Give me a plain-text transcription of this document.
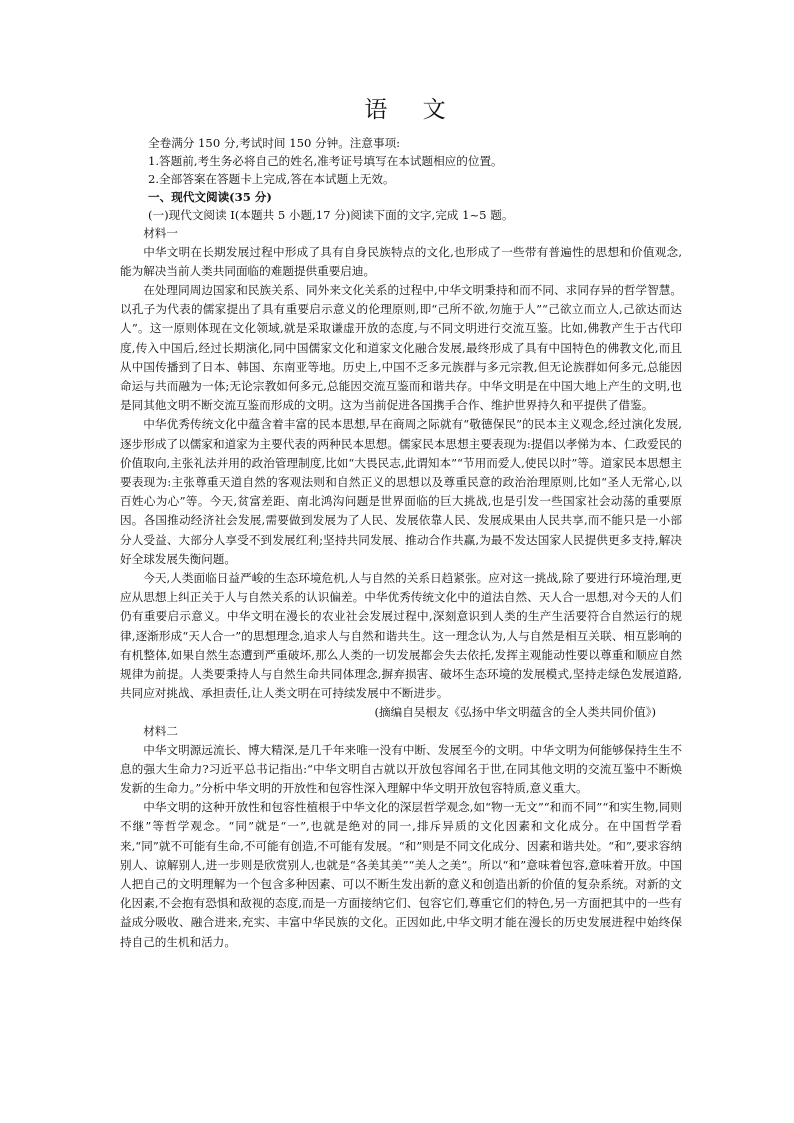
语 文

全卷满分 150 分,考试时间 150 分钟。注意事项:

1.答题前,考生务必将自己的姓名,准考证号填写在本试题相应的位置。

2.全部答案在答题卡上完成,答在本试题上无效。

一、现代文阅读(35 分)

(一)现代文阅读 I(本题共 5 小题,17 分)阅读下面的文字,完成 1~5 题。

材料一

中华文明在长期发展过程中形成了具有自身民族特点的文化,也形成了一些带有普遍性的思想和价值观念,能为解决当前人类共同面临的难题提供重要启迪。

在处理同周边国家和民族关系、同外来文化关系的过程中,中华文明秉持和而不同、求同存异的哲学智慧。以孔子为代表的儒家提出了具有重要启示意义的伦理原则,即“己所不欲,勿施于人”“己欲立而立人,己欲达而达人”。这一原则体现在文化领域,就是采取谦虚开放的态度,与不同文明进行交流互鉴。比如,佛教产生于古代印度,传入中国后,经过长期演化,同中国儒家文化和道家文化融合发展,最终形成了具有中国特色的佛教文化,而且从中国传播到了日本、韩国、东南亚等地。历史上,中国不乏多元族群与多元宗教,但无论族群如何多元,总能因命运与共而融为一体;无论宗教如何多元,总能因交流互鉴而和谐共存。中华文明是在中国大地上产生的文明,也是同其他文明不断交流互鉴而形成的文明。这为当前促进各国携手合作、维护世界持久和平提供了借鉴。

中华优秀传统文化中蕴含着丰富的民本思想,早在商周之际就有“敬德保民”的民本主义观念,经过演化发展,逐步形成了以儒家和道家为主要代表的两种民本思想。儒家民本思想主要表现为:提倡以孝悌为本、仁政爱民的价值取向,主张礼法并用的政治管理制度,比如“大畏民志,此谓知本”“节用而爱人,使民以时”等。道家民本思想主要表现为:主张尊重天道自然的客观法则和自然正义的思想以及尊重民意的政治治理原则,比如“圣人无常心,以百姓心为心”等。今天,贫富差距、南北鸿沟问题是世界面临的巨大挑战,也是引发一些国家社会动荡的重要原因。各国推动经济社会发展,需要做到发展为了人民、发展依靠人民、发展成果由人民共享,而不能只是一小部分人受益、大部分人享受不到发展红利;坚持共同发展、推动合作共赢,为最不发达国家人民提供更多支持,解决好全球发展失衡问题。

今天,人类面临日益严峻的生态环境危机,人与自然的关系日趋紧张。应对这一挑战,除了要进行环境治理,更应从思想上纠正关于人与自然关系的认识偏差。中华优秀传统文化中的道法自然、天人合一思想,对今天的人们仍有重要启示意义。中华文明在漫长的农业社会发展过程中,深刻意识到人类的生产生活要符合自然运行的规律,逐渐形成“天人合一”的思想理念,追求人与自然和谐共生。这一理念认为,人与自然是相互关联、相互影响的有机整体,如果自然生态遭到严重破坏,那么人类的一切发展都会失去依托,发挥主观能动性要以尊重和顺应自然规律为前提。人类要秉持人与自然生命共同体理念,摒弃损害、破坏生态环境的发展模式,坚持走绿色发展道路,共同应对挑战、承担责任,让人类文明在可持续发展中不断进步。

(摘编自吴根友《弘扬中华文明蕴含的全人类共同价值》)

材料二

中华文明源远流长、博大精深,是几千年来唯一没有中断、发展至今的文明。中华文明为何能够保持生生不息的强大生命力?习近平总书记指出:“中华文明自古就以开放包容闻名于世,在同其他文明的交流互鉴中不断焕发新的生命力。”分析中华文明的开放性和包容性深入理解中华文明开放包容特质,意义重大。

中华文明的这种开放性和包容性植根于中华文化的深层哲学观念,如“物一无文”“和而不同”“和实生物,同则不继”等哲学观念。“同”就是“一”,也就是绝对的同一,排斥异质的文化因素和文化成分。在中国哲学看来,“同”就不可能有生命,不可能有创造,不可能有发展。“和”则是不同文化成分、因素和谐共处。“和”,要求容纳别人、谅解别人,进一步则是欣赏别人,也就是“各美其美”“美人之美”。所以“和”意味着包容,意味着开放。中国人把自己的文明理解为一个包含多种因素、可以不断生发出新的意义和创造出新的价值的复杂系统。对新的文化因素,不会抱有恐惧和敌视的态度,而是一方面接纳它们、包容它们,尊重它们的特色,另一方面把其中的一些有益成分吸收、融合进来,充实、丰富中华民族的文化。正因如此,中华文明才能在漫长的历史发展进程中始终保持自己的生机和活力。
